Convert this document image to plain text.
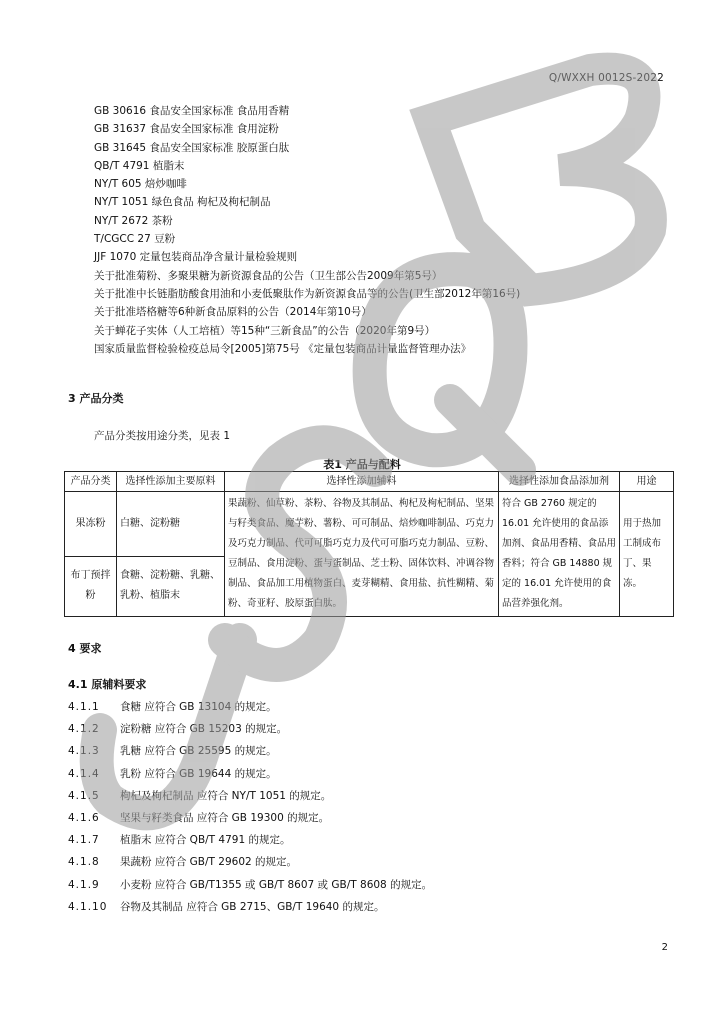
Q/WXXH 0012S-2022
GB 30616 食品安全国家标准 食品用香精
GB 31637 食品安全国家标准 食用淀粉
GB 31645 食品安全国家标准 胶原蛋白肽
QB/T 4791 植脂末
NY/T 605 焙炒咖啡
NY/T 1051 绿色食品 枸杞及枸杞制品
NY/T 2672 茶粉
T/CGCC 27 豆粉
JJF 1070 定量包装商品净含量计量检验规则
关于批准菊粉、多聚果糖为新资源食品的公告（卫生部公告2009年第5号）
关于批准中长链脂肪酸食用油和小麦低聚肽作为新资源食品等的公告(卫生部2012年第16号)
关于批准塔格糖等6种新食品原料的公告（2014年第10号）
关于蝉花子实体（人工培植）等15种“三新食品”的公告（2020年第9号）
国家质量监督检验检疫总局令[2005]第75号 《定量包装商品计量监督管理办法》
3 产品分类
产品分类按用途分类，见表 1
表1 产品与配料
产品分类	选择性添加主要原料	选择性添加辅料	选择性添加食品添加剂	用途
果冻粉	白糖、淀粉糖	果蔬粉、仙草粉、茶粉、谷物及其制品、枸杞及枸杞制品、坚果与籽类食品、魔芋粉、薯粉、可可制品、焙炒咖啡制品、巧克力及巧克力制品、代可可脂巧克力及代可可脂巧克力制品、豆粉、豆制品、食用淀粉、蛋与蛋制品、芝士粉、固体饮料、冲调谷物制品、食品加工用植物蛋白、麦芽糊精、食用盐、抗性糊精、菊粉、奇亚籽、胶原蛋白肽。	符合 GB 2760 规定的16.01 允许使用的食品添加剂、食品用香精、食品用香料；符合 GB 14880 规定的 16.01 允许使用的食品营养强化剂。	用于热加工制成布丁、果冻。
布丁预拌粉	食糖、淀粉糖、乳糖、乳粉、植脂末			
4 要求
4.1 原辅料要求
4.1.1 食糖 应符合 GB 13104 的规定。
4.1.2 淀粉糖 应符合 GB 15203 的规定。
4.1.3 乳糖 应符合 GB 25595 的规定。
4.1.4 乳粉 应符合 GB 19644 的规定。
4.1.5 枸杞及枸杞制品 应符合 NY/T 1051 的规定。
4.1.6 坚果与籽类食品 应符合 GB 19300 的规定。
4.1.7 植脂末 应符合 QB/T 4791 的规定。
4.1.8 果蔬粉 应符合 GB/T 29602 的规定。
4.1.9 小麦粉 应符合 GB/T1355 或 GB/T 8607 或 GB/T 8608 的规定。
4.1.10 谷物及其制品 应符合 GB 2715、GB/T 19640 的规定。
2
